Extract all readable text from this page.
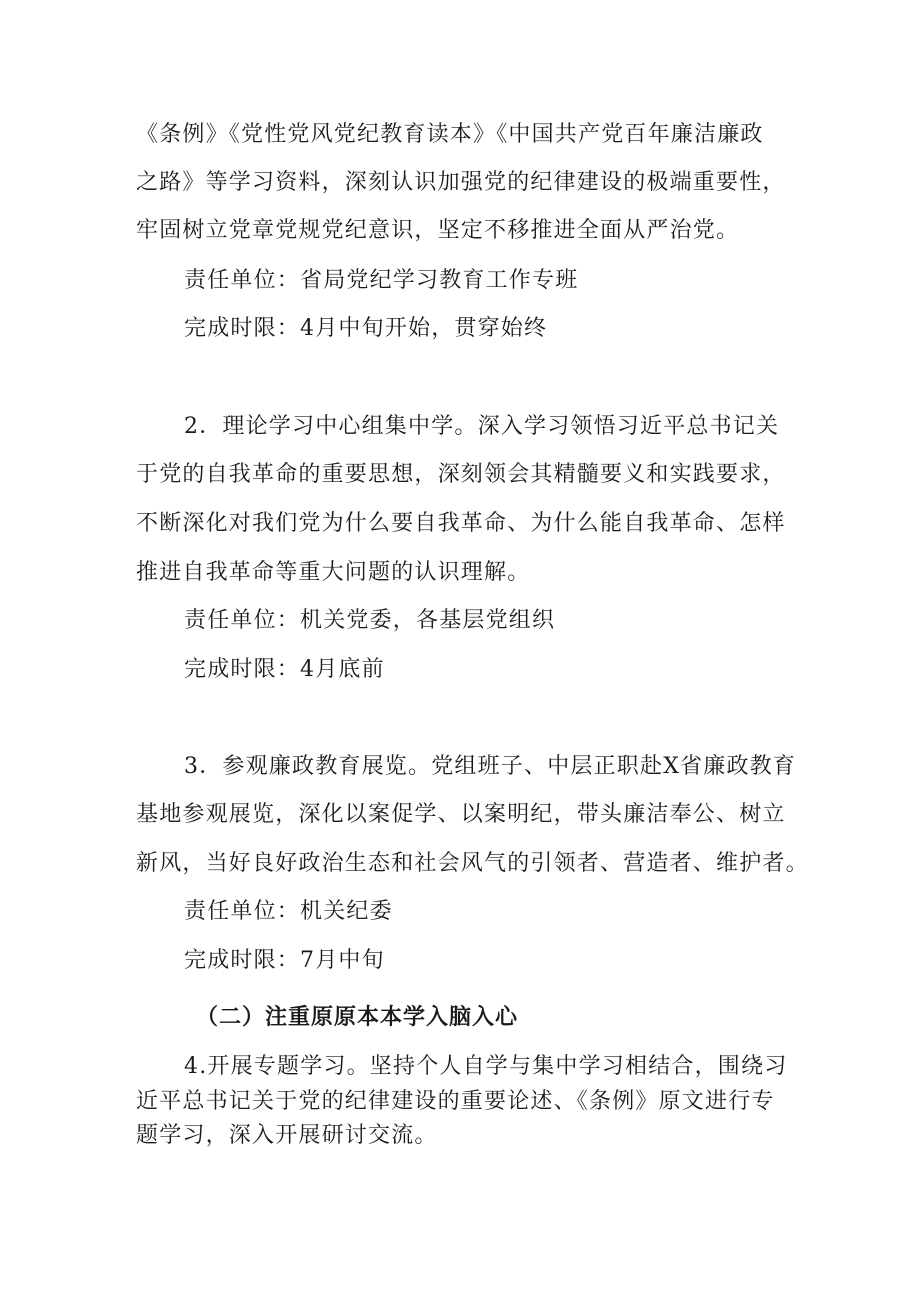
《条例》《党性党风党纪教育读本》《中国共产党百年廉洁廉政
之路》等学习资料，深刻认识加强党的纪律建设的极端重要性，
牢固树立党章党规党纪意识，坚定不移推进全面从严治党。
责任单位：省局党纪学习教育工作专班
完成时限：4月中旬开始，贯穿始终
2．理论学习中心组集中学。深入学习领悟习近平总书记关
于党的自我革命的重要思想，深刻领会其精髓要义和实践要求，
不断深化对我们党为什么要自我革命、为什么能自我革命、怎样
推进自我革命等重大问题的认识理解。
责任单位：机关党委，各基层党组织
完成时限：4月底前
3．参观廉政教育展览。党组班子、中层正职赴X省廉政教育
基地参观展览，深化以案促学、以案明纪，带头廉洁奉公、树立
新风，当好良好政治生态和社会风气的引领者、营造者、维护者。
责任单位：机关纪委
完成时限：7月中旬
（二）注重原原本本学入脑入心
4.开展专题学习。坚持个人自学与集中学习相结合，围绕习
近平总书记关于党的纪律建设的重要论述、《条例》原文进行专
题学习，深入开展研讨交流。
